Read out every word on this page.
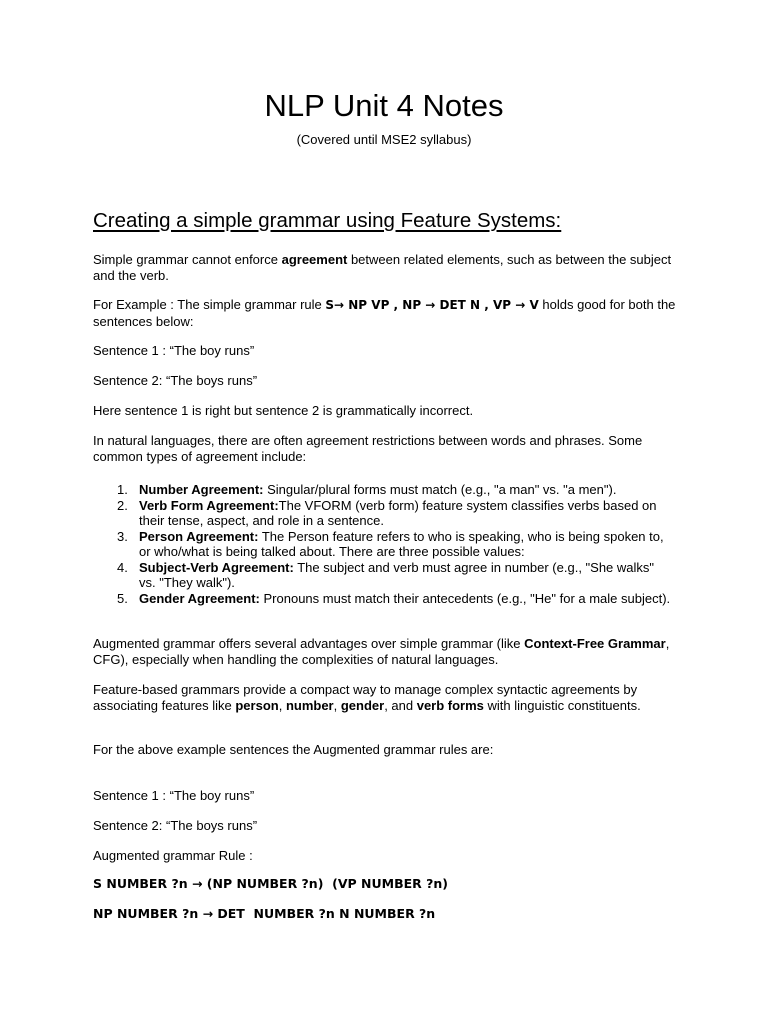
NLP Unit 4 Notes

(Covered until MSE2 syllabus)

Creating a simple grammar using Feature Systems:

Simple grammar cannot enforce agreement between related elements, such as between the subject and the verb.

For Example : The simple grammar rule S→ NP VP , NP → DET N , VP → V holds good for both the sentences below:

Sentence 1 : “The boy runs”

Sentence 2: “The boys runs”

Here sentence 1 is right but sentence 2 is grammatically incorrect.

In natural languages, there are often agreement restrictions between words and phrases. Some common types of agreement include:

1. Number Agreement: Singular/plural forms must match (e.g., "a man" vs. "a men").
2. Verb Form Agreement:The VFORM (verb form) feature system classifies verbs based on their tense, aspect, and role in a sentence.
3. Person Agreement: The Person feature refers to who is speaking, who is being spoken to, or who/what is being talked about. There are three possible values:
4. Subject-Verb Agreement: The subject and verb must agree in number (e.g., "She walks" vs. "They walk").
5. Gender Agreement: Pronouns must match their antecedents (e.g., "He" for a male subject).

Augmented grammar offers several advantages over simple grammar (like Context-Free Grammar, CFG), especially when handling the complexities of natural languages.

Feature-based grammars provide a compact way to manage complex syntactic agreements by associating features like person, number, gender, and verb forms with linguistic constituents.

For the above example sentences the Augmented grammar rules are:

Sentence 1 : “The boy runs”

Sentence 2: “The boys runs”

Augmented grammar Rule :

S NUMBER ?n → (NP NUMBER ?n)  (VP NUMBER ?n)

NP NUMBER ?n → DET  NUMBER ?n N NUMBER ?n
